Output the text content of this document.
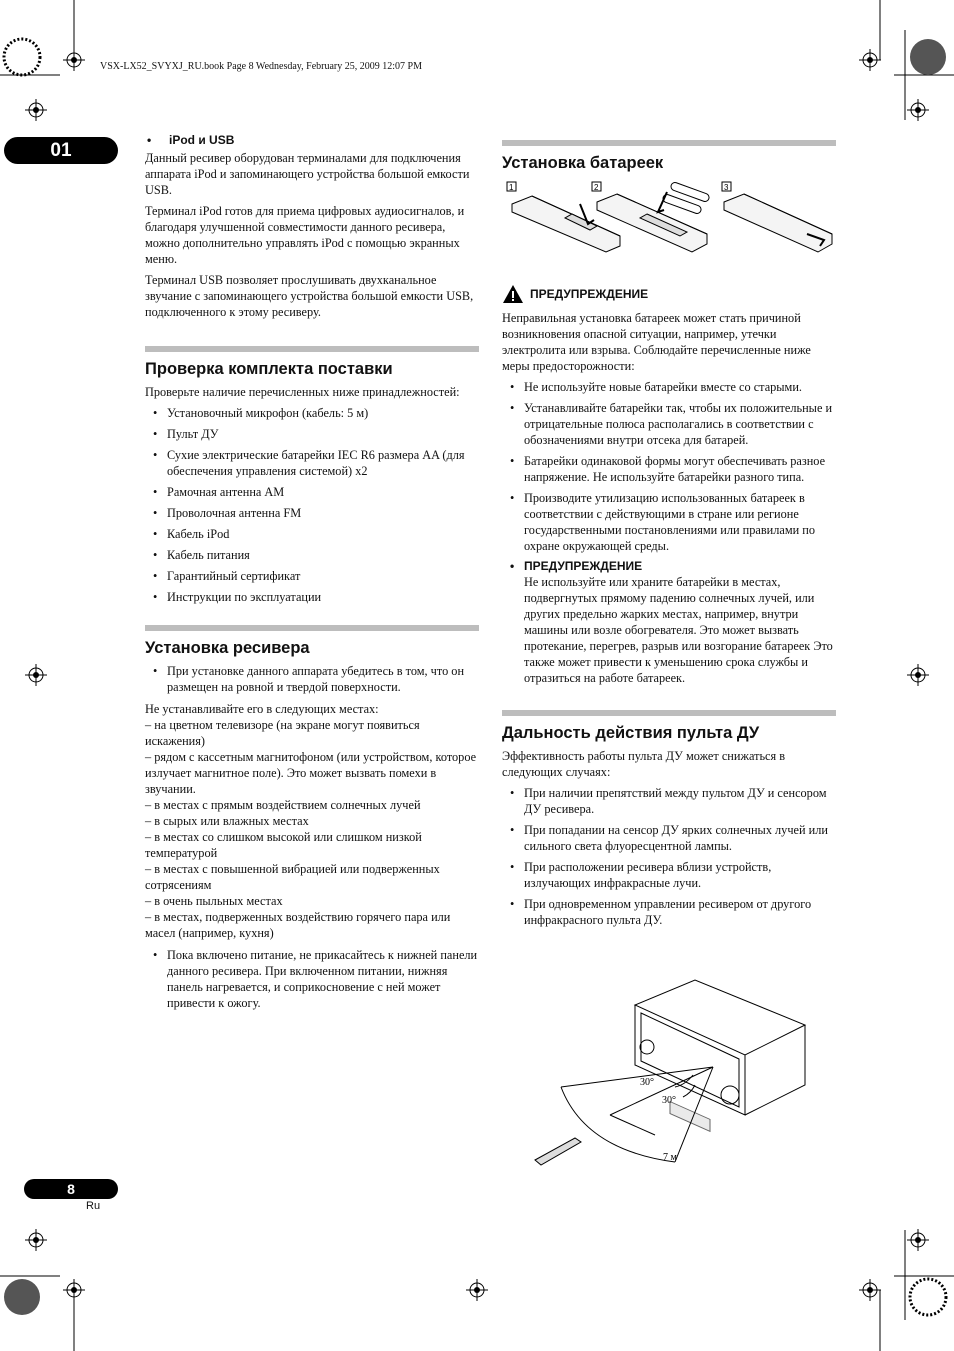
VSX-LX52_SVYXJ_RU.book Page 8 Wednesday, February 25, 2009 12:07 PM
01	• iPod и USB

Данный ресивер оборудован терминалами для подключения аппарата iPod и запоминающего устройства большой емкости USB.

Терминал iPod готов для приема цифровых аудиосигналов, и благодаря улучшенной совместимости данного ресивера, можно дополнительно управлять iPod с помощью экранных меню.

Терминал USB позволяет прослушивать двухканальное звучание с запоминающего устройства большой емкости USB, подключенного к этому ресиверу.

Проверка комплекта поставки

Проверьте наличие перечисленных ниже принадлежностей:

• Установочный микрофон (кабель: 5 м)
• Пульт ДУ
• Сухие электрические батарейки IEC R6 размера AA (для обеспечения управления системой) x2
• Рамочная антенна AM
• Проволочная антенна FM
• Кабель iPod
• Кабель питания
• Гарантийный сертификат
• Инструкции по эксплуатации
Установка ресивера
• При установке данного аппарата убедитесь в том, что он размещен на ровной и твердой поверхности.
Не устанавливайте его в следующих местах:
– на цветном телевизоре (на экране могут появиться искажения)
– рядом с кассетным магнитофоном (или устройством, которое излучает магнитное поле). Это может вызвать помехи в звучании.
– в местах с прямым воздействием солнечных лучей
– в сырых или влажных местах
– в местах со слишком высокой или слишком низкой температурой
– в местах с повышенной вибрацией или подверженных сотрясениям
– в очень пыльных местах
– в местах, подверженных воздействию горячего пара или масел (например, кухня)
• Пока включено питание, не прикасайтесь к нижней панели данного ресивера. При включенном питании, нижняя панель нагревается, и соприкосновение с ней может привести к ожогу.
Установка батареек
1	2	3
ПРЕДУПРЕЖДЕНИЕ

Неправильная установка батареек может стать причиной возникновения опасной ситуации, например, утечки электролита или взрыва. Соблюдайте перечисленные ниже меры предосторожности:

• Не используйте новые батарейки вместе со старыми.
• Устанавливайте батарейки так, чтобы их положительные и отрицательные полюса располагались в соответствии с обозначениями внутри отсека для батарей.
• Батарейки одинаковой формы могут обеспечивать разное напряжение. Не используйте батарейки разного типа.
• Производите утилизацию использованных батареек в соответствии с действующими в стране или регионе государственными постановлениями или правилами по охране окружающей среды.
• ПРЕДУПРЕЖДЕНИЕ
Не используйте или храните батарейки в местах, подвергнутых прямому падению солнечных лучей, или других предельно жарких местах, например, внутри машины или возле обогревателя. Это может вызвать протекание, перегрев, разрыв или возгорание батареек Это также может привести к уменьшению срока службы и отразиться на работе батареек.
Дальность действия пульта ДУ

Эффективность работы пульта ДУ может снижаться в следующих случаях:

• При наличии препятствий между пультом ДУ и сенсором ДУ ресивера.
• При попадании на сенсор ДУ ярких солнечных лучей или сильного света флуоресцентной лампы.
• При расположении ресивера вблизи устройств, излучающих инфракрасные лучи.
• При одновременном управлении ресивером от другого инфракрасного пульта ДУ.
30°
30°
7 м
8
Ru
